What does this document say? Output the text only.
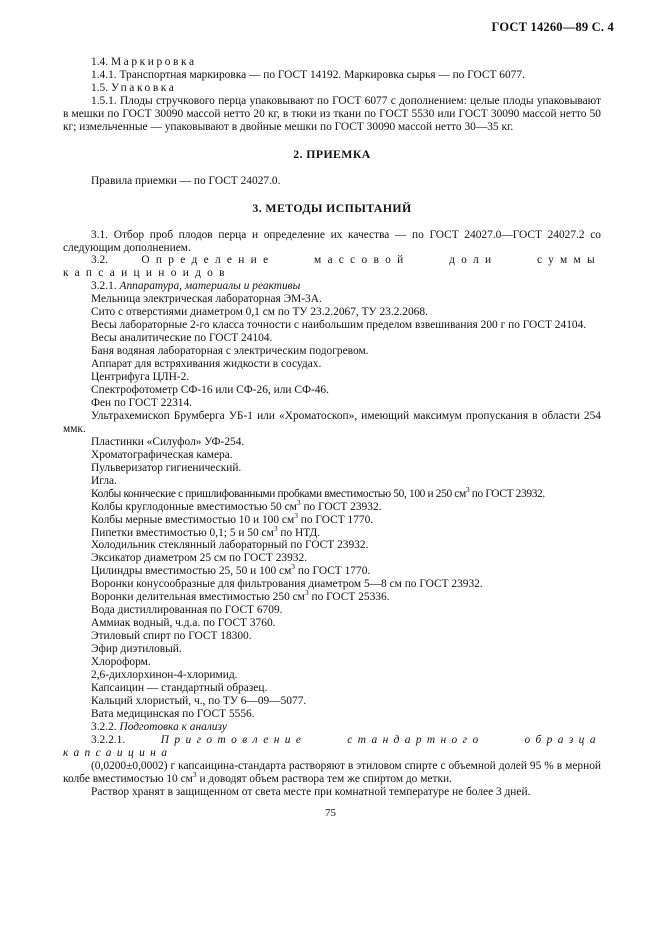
ГОСТ 14260—89 С. 4

1.4. Маркировка

1.4.1. Транспортная маркировка — по ГОСТ 14192. Маркировка сырья — по ГОСТ 6077.

1.5. Упаковка

1.5.1. Плоды стручкового перца упаковывают по ГОСТ 6077 с дополнением: целые плоды упаковывают в мешки по ГОСТ 30090 массой нетто 20 кг, в тюки из ткани по ГОСТ 5530 или ГОСТ 30090 массой нетто 50 кг; измельченные — упаковывают в двойные мешки по ГОСТ 30090 массой нетто 30—35 кг.

2. ПРИЕМКА

Правила приемки — по ГОСТ 24027.0.

3. МЕТОДЫ ИСПЫТАНИЙ

3.1. Отбор проб плодов перца и определение их качества — по ГОСТ 24027.0—ГОСТ 24027.2 со следующим дополнением.

3.2.	Определение массовой доли суммы капсаициноидов

3.2.1. Аппаратура, материалы и реактивы

Мельница электрическая лабораторная ЭМ-3А.

Сито с отверстиями диаметром 0,1 см по ТУ 23.2.2067, ТУ 23.2.2068.

Весы лабораторные 2-го класса точности с наибольшим пределом взвешивания 200 г по ГОСТ 24104.

Весы аналитические по ГОСТ 24104.

Баня водяная лабораторная с электрическим подогревом.

Аппарат для встряхивания жидкости в сосудах.

Центрифуга ЦЛН-2.

Спектрофотометр СФ-16 или СФ-26, или СФ-46.

Фен по ГОСТ 22314.

Ультрахемископ Брумберга УБ-1 или «Хроматоскоп», имеющий максимум пропускания в области 254 ммк.

Пластинки «Силуфол» УФ-254.

Хроматографическая камера.

Пульверизатор гигиенический.

Игла.

Колбы конические с пришлифованными пробками вместимостью 50, 100 и 250 $см^3$ по ГОСТ 23932.

Колбы круглодонные вместимостью 50 $см^3$ по ГОСТ 23932.

Колбы мерные вместимостью 10 и 100 $см^3$ по ГОСТ 1770.

Пипетки вместимостью 0,1; 5 и 50 $см^3$ по НТД.

Холодильник стеклянный лабораторный по ГОСТ 23932.

Эксикатор диаметром 25 см по ГОСТ 23932.

Цилиндры вместимостью 25, 50 и 100 $см^3$ по ГОСТ 1770.

Воронки конусообразные для фильтрования диаметром 5—8 см по ГОСТ 23932.

Воронки делительная вместимостью 250 $см^3$ по ГОСТ 25336.

Вода дистиллированная по ГОСТ 6709.

Аммиак водный, ч.д.а. по ГОСТ 3760.

Этиловый спирт по ГОСТ 18300.

Эфир диэтиловый.

Хлороформ.

2,6-дихлорхинон-4-хлоримид.

Капсаицин — стандартный образец.

Кальций хлористый, ч., по ТУ 6—09—5077.

Вата медицинская по ГОСТ 5556.

3.2.2. Подготовка к анализу

3.2.2.1.	Приготовление стандартного образца капсаицина

(0,0200±0,0002) г капсаицина-стандарта растворяют в этиловом спирте с объемной долей 95 % в мерной колбе вместимостью 10 $см^3$ и доводят объем раствора тем же спиртом до метки.

Раствор хранят в защищенном от света месте при комнатной температуре не более 3 дней.

75
